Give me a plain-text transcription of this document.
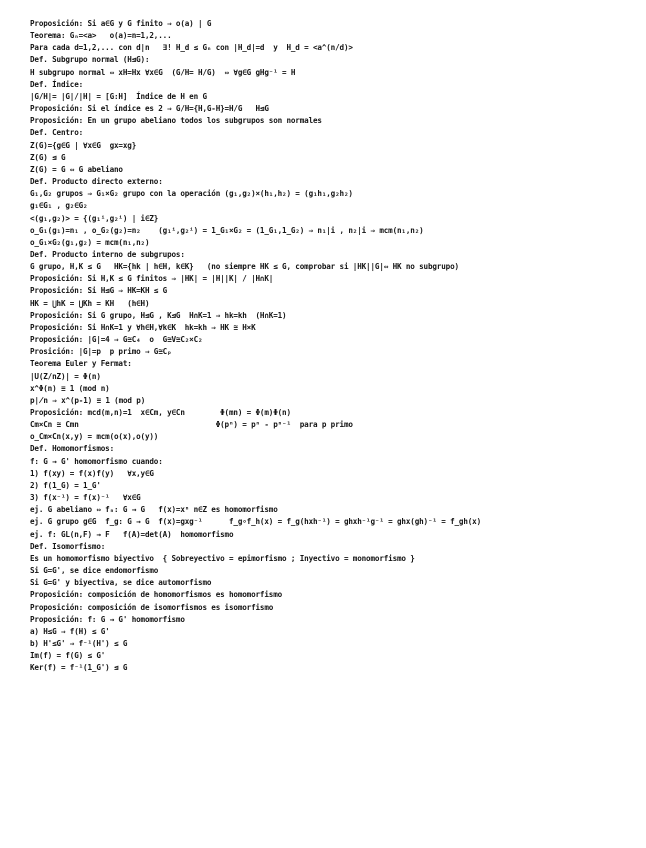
Proposición: Si a∈G y G finito ⇒ o(a) | G
Teorema: Gₙ=<a>   o(a)=n=1,2,...
Para cada d=1,2,... con d|n   ∃! H_d ≤ Gₙ con |H_d|=d  y  H_d = <a^(n/d)>
Def. Subgrupo normal (H⊴G):
H subgrupo normal ⇔ xH=Hx ∀x∈G  (G/H= H/G)  ⇔ ∀g∈G gHg⁻¹ = H
Def. Índice:
|G/H|= |G|/|H| = [G:H]  Índice de H en G
Proposición: Si el índice es 2 ⇒ G/H={H,G-H}=H/G   H⊴G
Proposición: En un grupo abeliano todos los subgrupos son normales
Def. Centro:
Z(G)={g∈G | ∀x∈G  gx=xg}
Z(G) ⊴ G
Z(G) = G ⇔ G abeliano
Def. Producto directo externo:
G₁,G₂ grupos ⇒ G₁×G₂ grupo con la operación (g₁,g₂)×(h₁,h₂) = (g₁h₁,g₂h₂)
g₁∈G₁ , g₂∈G₂
<(g₁,g₂)> = {(g₁ⁱ,g₂ⁱ) | i∈Z}
o_G₁(g₁)=n₁ , o_G₂(g₂)=n₂    (g₁ⁱ,g₂ⁱ) = 1_G₁×G₂ = (1_G₁,1_G₂) ⇒ n₁|i , n₂|i ⇒ mcm(n₁,n₂)
o_G₁×G₂(g₁,g₂) = mcm(n₁,n₂)
Def. Producto interno de subgrupos:
G grupo, H,K ≤ G   HK={hk | h∈H, k∈K}   (no siempre HK ≤ G, comprobar si |HK||G|⇔ HK no subgrupo)
Proposición: Si H,K ≤ G finitos ⇒ |HK| = |H||K| / |H∩K|
Proposición: Si H⊴G ⇒ HK=KH ≤ G
HK = ⋃hK = ⋃Kh = KH   (h∈H)
Proposición: Si G grupo, H⊴G , K⊴G  H∩K=1 ⇒ hk=kh  (H∩K=1)
Proposición: Si H∩K=1 y ∀h∈H,∀k∈K  hk=kh ⇒ HK ≅ H×K
Proposición: |G|=4 ⇒ G≅C₄  o  G≅V≅C₂×C₂
Prosición: |G|=p  p primo ⇒ G≅Cₚ
Teorema Euler y Fermat:
|U(Z/nZ)| = Φ(n)
x^Φ(n) ≡ 1 (mod n)
p∤n ⇒ x^(p-1) ≡ 1 (mod p)
Proposición: mcd(m,n)=1  x∈Cm, y∈Cn        Φ(mn) = Φ(m)Φ(n)
Cm×Cn ≅ Cmn                               Φ(pⁿ) = pⁿ - pⁿ⁻¹  para p primo
o_Cm×Cn(x,y) = mcm(o(x),o(y))
Def. Homomorfismos:
f: G → G' homomorfismo cuando:
1) f(xy) = f(x)f(y)   ∀x,y∈G
2) f(1_G) = 1_G'
3) f(x⁻¹) = f(x)⁻¹   ∀x∈G
ej. G abeliano ⇔ fₙ: G → G   f(x)=xⁿ n∈Z es homomorfismo
ej. G grupo g∈G  f_g: G → G  f(x)=gxg⁻¹      f_g∘f_h(x) = f_g(hxh⁻¹) = ghxh⁻¹g⁻¹ = ghx(gh)⁻¹ = f_gh(x)
ej. f: GL(n,F) → F   f(A)=det(A)  homomorfismo
Def. Isomorfismo:
Es un homomorfismo biyectivo  { Sobreyectivo = epimorfismo ; Inyectivo = monomorfismo }
Si G=G', se dice endomorfismo
Si G=G' y biyectiva, se dice automorfismo
Proposición: composición de homomorfismos es homomorfismo
Proposición: composición de isomorfismos es isomorfismo
Proposición: f: G → G' homomorfismo
a) H≤G ⇒ f(H) ≤ G'
b) H'≤G' ⇒ f⁻¹(H') ≤ G
Im(f) = f(G) ≤ G'
Ker(f) = f⁻¹(1_G') ⊴ G
